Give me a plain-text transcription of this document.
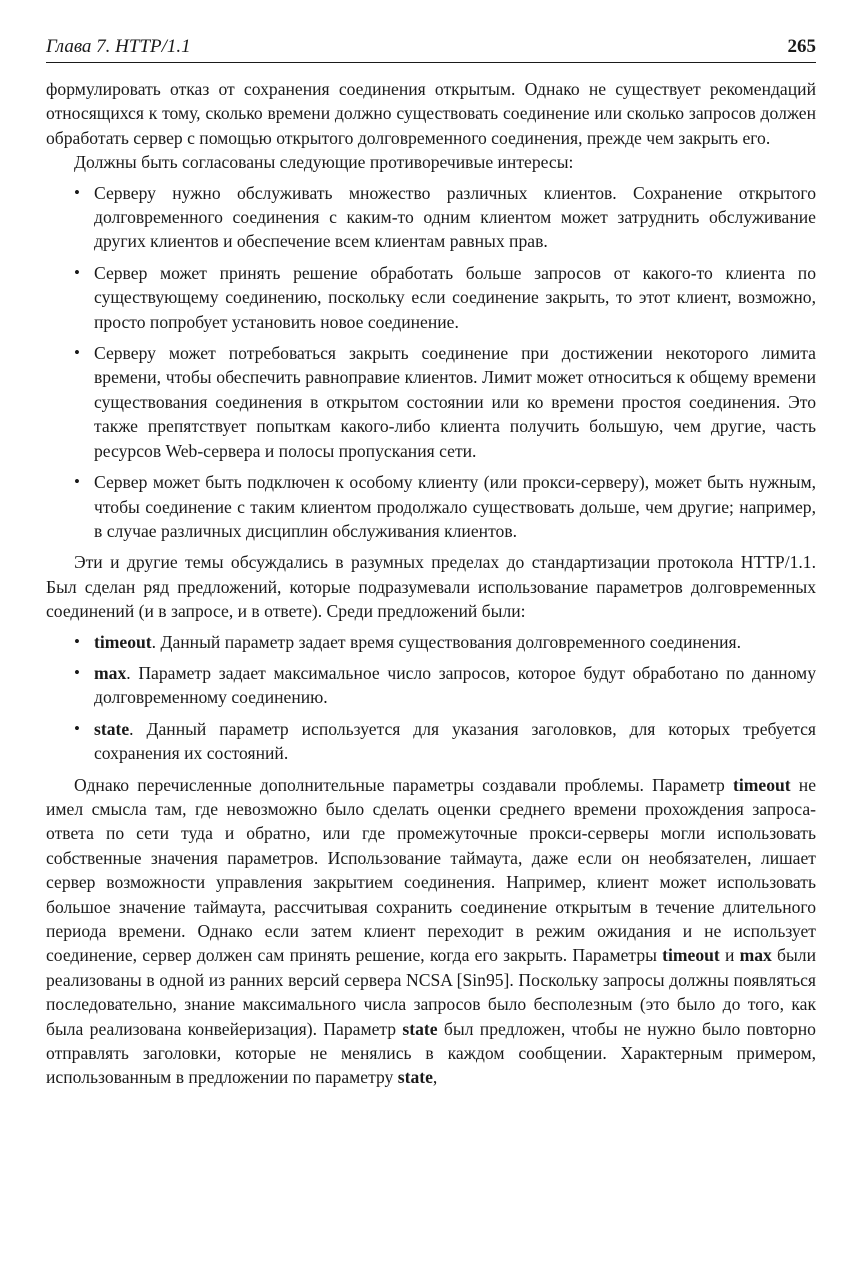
Глава 7. HTTP/1.1	265

формулировать отказ от сохранения соединения открытым. Однако не существует рекомендаций относящихся к тому, сколько времени должно существовать соединение или сколько запросов должен обработать сервер с помощью открытого долговременного соединения, прежде чем закрыть его.

Должны быть согласованы следующие противоречивые интересы:

• Серверу нужно обслуживать множество различных клиентов. Сохранение открытого долговременного соединения с каким-то одним клиентом может затруднить обслуживание других клиентов и обеспечение всем клиентам равных прав.
• Сервер может принять решение обработать больше запросов от какого-то клиента по существующему соединению, поскольку если соединение закрыть, то этот клиент, возможно, просто попробует установить новое соединение.
• Серверу может потребоваться закрыть соединение при достижении некоторого лимита времени, чтобы обеспечить равноправие клиентов. Лимит может относиться к общему времени существования соединения в открытом состоянии или ко времени простоя соединения. Это также препятствует попыткам какого-либо клиента получить большую, чем другие, часть ресурсов Web-сервера и полосы пропускания сети.
• Сервер может быть подключен к особому клиенту (или прокси-серверу), может быть нужным, чтобы соединение с таким клиентом продолжало существовать дольше, чем другие; например, в случае различных дисциплин обслуживания клиентов.

Эти и другие темы обсуждались в разумных пределах до стандартизации протокола HTTP/1.1. Был сделан ряд предложений, которые подразумевали использование параметров долговременных соединений (и в запросе, и в ответе). Среди предложений были:

• timeout. Данный параметр задает время существования долговременного соединения.
• max. Параметр задает максимальное число запросов, которое будут обработано по данному долговременному соединению.
• state. Данный параметр используется для указания заголовков, для которых требуется сохранения их состояний.

Однако перечисленные дополнительные параметры создавали проблемы. Параметр timeout не имел смысла там, где невозможно было сделать оценки среднего времени прохождения запроса-ответа по сети туда и обратно, или где промежуточные прокси-серверы могли использовать собственные значения параметров. Использование таймаута, даже если он необязателен, лишает сервер возможности управления закрытием соединения. Например, клиент может использовать большое значение таймаута, рассчитывая сохранить соединение открытым в течение длительного периода времени. Однако если затем клиент переходит в режим ожидания и не использует соединение, сервер должен сам принять решение, когда его закрыть. Параметры timeout и max были реализованы в одной из ранних версий сервера NCSA [Sin95]. Поскольку запросы должны появляться последовательно, знание максимального числа запросов было бесполезным (это было до того, как была реализована конвейеризация). Параметр state был предложен, чтобы не нужно было повторно отправлять заголовки, которые не менялись в каждом сообщении. Характерным примером, использованным в предложении по параметру state,
